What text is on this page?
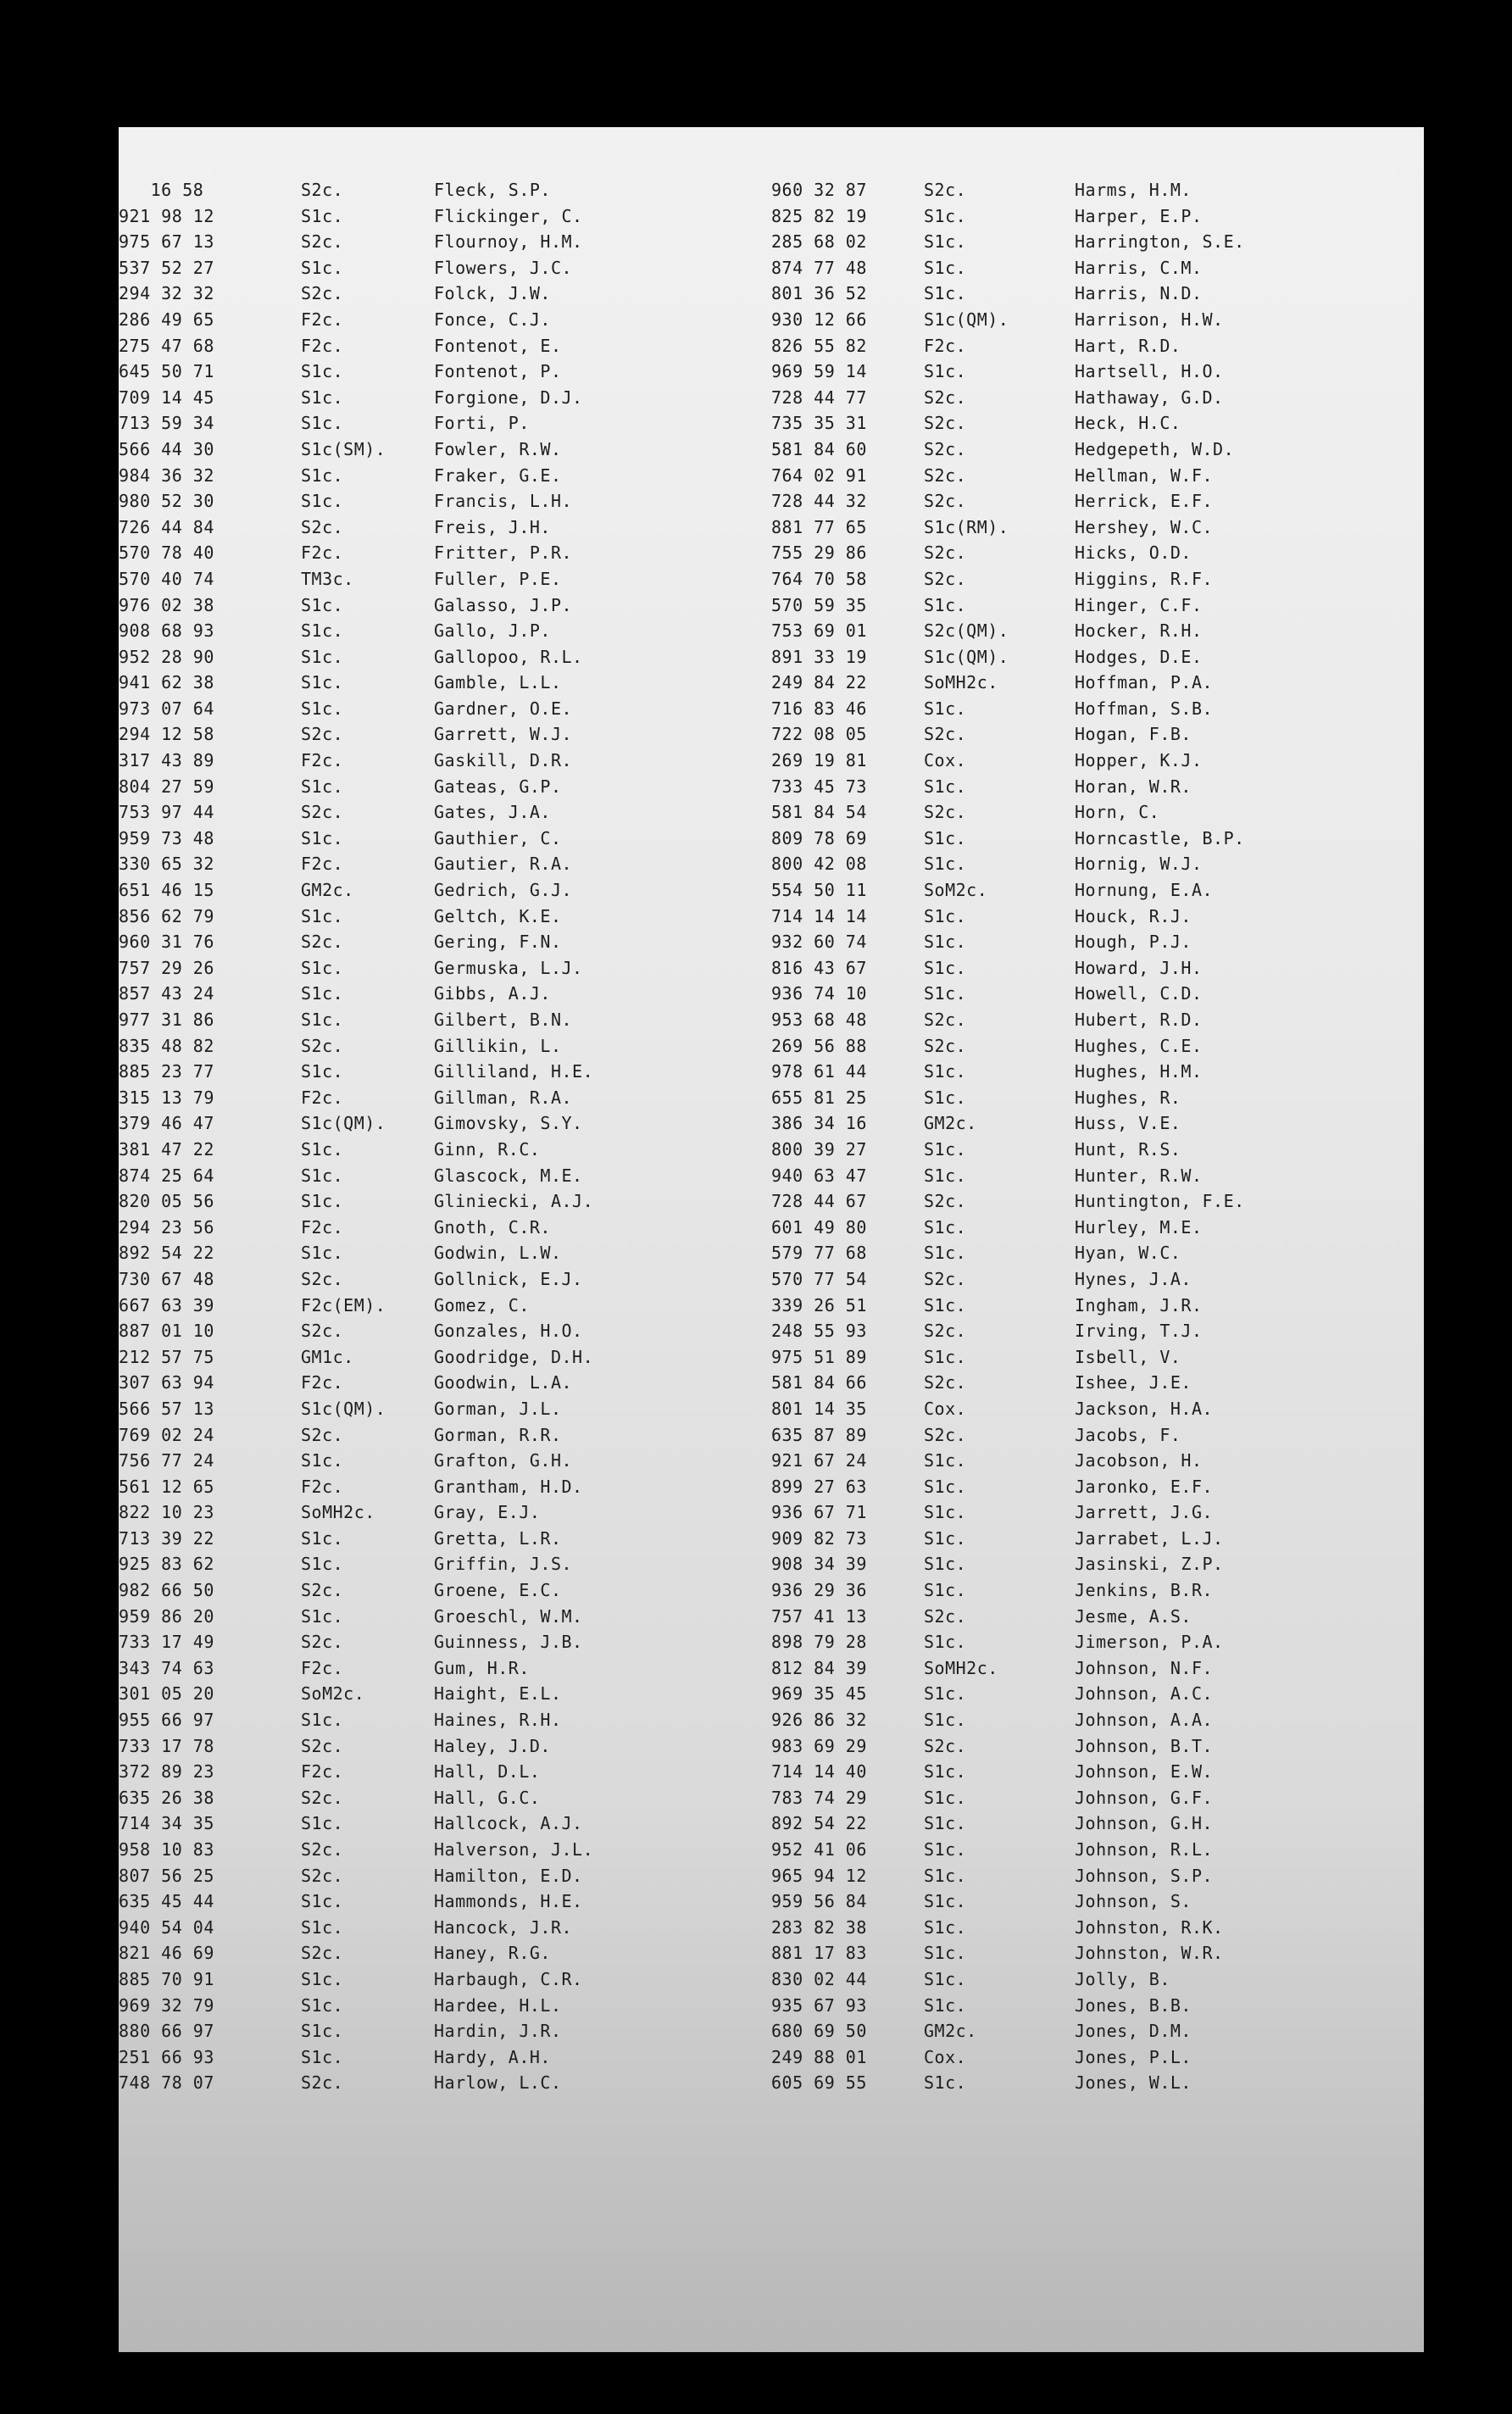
16 58	S2c.	Fleck, S.P.
921 98 12	S1c.	Flickinger, C.
975 67 13	S2c.	Flournoy, H.M.
537 52 27	S1c.	Flowers, J.C.
294 32 32	S2c.	Folck, J.W.
286 49 65	F2c.	Fonce, C.J.
275 47 68	F2c.	Fontenot, E.
645 50 71	S1c.	Fontenot, P.
709 14 45	S1c.	Forgione, D.J.
713 59 34	S1c.	Forti, P.
566 44 30	S1c(SM).	Fowler, R.W.
984 36 32	S1c.	Fraker, G.E.
980 52 30	S1c.	Francis, L.H.
726 44 84	S2c.	Freis, J.H.
570 78 40	F2c.	Fritter, P.R.
570 40 74	TM3c.	Fuller, P.E.
976 02 38	S1c.	Galasso, J.P.
908 68 93	S1c.	Gallo, J.P.
952 28 90	S1c.	Gallopoo, R.L.
941 62 38	S1c.	Gamble, L.L.
973 07 64	S1c.	Gardner, O.E.
294 12 58	S2c.	Garrett, W.J.
317 43 89	F2c.	Gaskill, D.R.
804 27 59	S1c.	Gateas, G.P.
753 97 44	S2c.	Gates, J.A.
959 73 48	S1c.	Gauthier, C.
330 65 32	F2c.	Gautier, R.A.
651 46 15	GM2c.	Gedrich, G.J.
856 62 79	S1c.	Geltch, K.E.
960 31 76	S2c.	Gering, F.N.
757 29 26	S1c.	Germuska, L.J.
857 43 24	S1c.	Gibbs, A.J.
977 31 86	S1c.	Gilbert, B.N.
835 48 82	S2c.	Gillikin, L.
885 23 77	S1c.	Gilliland, H.E.
315 13 79	F2c.	Gillman, R.A.
379 46 47	S1c(QM).	Gimovsky, S.Y.
381 47 22	S1c.	Ginn, R.C.
874 25 64	S1c.	Glascock, M.E.
820 05 56	S1c.	Gliniecki, A.J.
294 23 56	F2c.	Gnoth, C.R.
892 54 22	S1c.	Godwin, L.W.
730 67 48	S2c.	Gollnick, E.J.
667 63 39	F2c(EM).	Gomez, C.
887 01 10	S2c.	Gonzales, H.O.
212 57 75	GM1c.	Goodridge, D.H.
307 63 94	F2c.	Goodwin, L.A.
566 57 13	S1c(QM).	Gorman, J.L.
769 02 24	S2c.	Gorman, R.R.
756 77 24	S1c.	Grafton, G.H.
561 12 65	F2c.	Grantham, H.D.
822 10 23	SoMH2c.	Gray, E.J.
713 39 22	S1c.	Gretta, L.R.
925 83 62	S1c.	Griffin, J.S.
982 66 50	S2c.	Groene, E.C.
959 86 20	S1c.	Groeschl, W.M.
733 17 49	S2c.	Guinness, J.B.
343 74 63	F2c.	Gum, H.R.
301 05 20	SoM2c.	Haight, E.L.
955 66 97	S1c.	Haines, R.H.
733 17 78	S2c.	Haley, J.D.
372 89 23	F2c.	Hall, D.L.
635 26 38	S2c.	Hall, G.C.
714 34 35	S1c.	Hallcock, A.J.
958 10 83	S2c.	Halverson, J.L.
807 56 25	S2c.	Hamilton, E.D.
635 45 44	S1c.	Hammonds, H.E.
940 54 04	S1c.	Hancock, J.R.
821 46 69	S2c.	Haney, R.G.
885 70 91	S1c.	Harbaugh, C.R.
969 32 79	S1c.	Hardee, H.L.
880 66 97	S1c.	Hardin, J.R.
251 66 93	S1c.	Hardy, A.H.
748 78 07	S2c.	Harlow, L.C.
960 32 87	S2c.	Harms, H.M.
825 82 19	S1c.	Harper, E.P.
285 68 02	S1c.	Harrington, S.E.
874 77 48	S1c.	Harris, C.M.
801 36 52	S1c.	Harris, N.D.
930 12 66	S1c(QM).	Harrison, H.W.
826 55 82	F2c.	Hart, R.D.
969 59 14	S1c.	Hartsell, H.O.
728 44 77	S2c.	Hathaway, G.D.
735 35 31	S2c.	Heck, H.C.
581 84 60	S2c.	Hedgepeth, W.D.
764 02 91	S2c.	Hellman, W.F.
728 44 32	S2c.	Herrick, E.F.
881 77 65	S1c(RM).	Hershey, W.C.
755 29 86	S2c.	Hicks, O.D.
764 70 58	S2c.	Higgins, R.F.
570 59 35	S1c.	Hinger, C.F.
753 69 01	S2c(QM).	Hocker, R.H.
891 33 19	S1c(QM).	Hodges, D.E.
249 84 22	SoMH2c.	Hoffman, P.A.
716 83 46	S1c.	Hoffman, S.B.
722 08 05	S2c.	Hogan, F.B.
269 19 81	Cox.	Hopper, K.J.
733 45 73	S1c.	Horan, W.R.
581 84 54	S2c.	Horn, C.
809 78 69	S1c.	Horncastle, B.P.
800 42 08	S1c.	Hornig, W.J.
554 50 11	SoM2c.	Hornung, E.A.
714 14 14	S1c.	Houck, R.J.
932 60 74	S1c.	Hough, P.J.
816 43 67	S1c.	Howard, J.H.
936 74 10	S1c.	Howell, C.D.
953 68 48	S2c.	Hubert, R.D.
269 56 88	S2c.	Hughes, C.E.
978 61 44	S1c.	Hughes, H.M.
655 81 25	S1c.	Hughes, R.
386 34 16	GM2c.	Huss, V.E.
800 39 27	S1c.	Hunt, R.S.
940 63 47	S1c.	Hunter, R.W.
728 44 67	S2c.	Huntington, F.E.
601 49 80	S1c.	Hurley, M.E.
579 77 68	S1c.	Hyan, W.C.
570 77 54	S2c.	Hynes, J.A.
339 26 51	S1c.	Ingham, J.R.
248 55 93	S2c.	Irving, T.J.
975 51 89	S1c.	Isbell, V.
581 84 66	S2c.	Ishee, J.E.
801 14 35	Cox.	Jackson, H.A.
635 87 89	S2c.	Jacobs, F.
921 67 24	S1c.	Jacobson, H.
899 27 63	S1c.	Jaronko, E.F.
936 67 71	S1c.	Jarrett, J.G.
909 82 73	S1c.	Jarrabet, L.J.
908 34 39	S1c.	Jasinski, Z.P.
936 29 36	S1c.	Jenkins, B.R.
757 41 13	S2c.	Jesme, A.S.
898 79 28	S1c.	Jimerson, P.A.
812 84 39	SoMH2c.	Johnson, N.F.
969 35 45	S1c.	Johnson, A.C.
926 86 32	S1c.	Johnson, A.A.
983 69 29	S2c.	Johnson, B.T.
714 14 40	S1c.	Johnson, E.W.
783 74 29	S1c.	Johnson, G.F.
892 54 22	S1c.	Johnson, G.H.
952 41 06	S1c.	Johnson, R.L.
965 94 12	S1c.	Johnson, S.P.
959 56 84	S1c.	Johnson, S.
283 82 38	S1c.	Johnston, R.K.
881 17 83	S1c.	Johnston, W.R.
830 02 44	S1c.	Jolly, B.
935 67 93	S1c.	Jones, B.B.
680 69 50	GM2c.	Jones, D.M.
249 88 01	Cox.	Jones, P.L.
605 69 55	S1c.	Jones, W.L.
